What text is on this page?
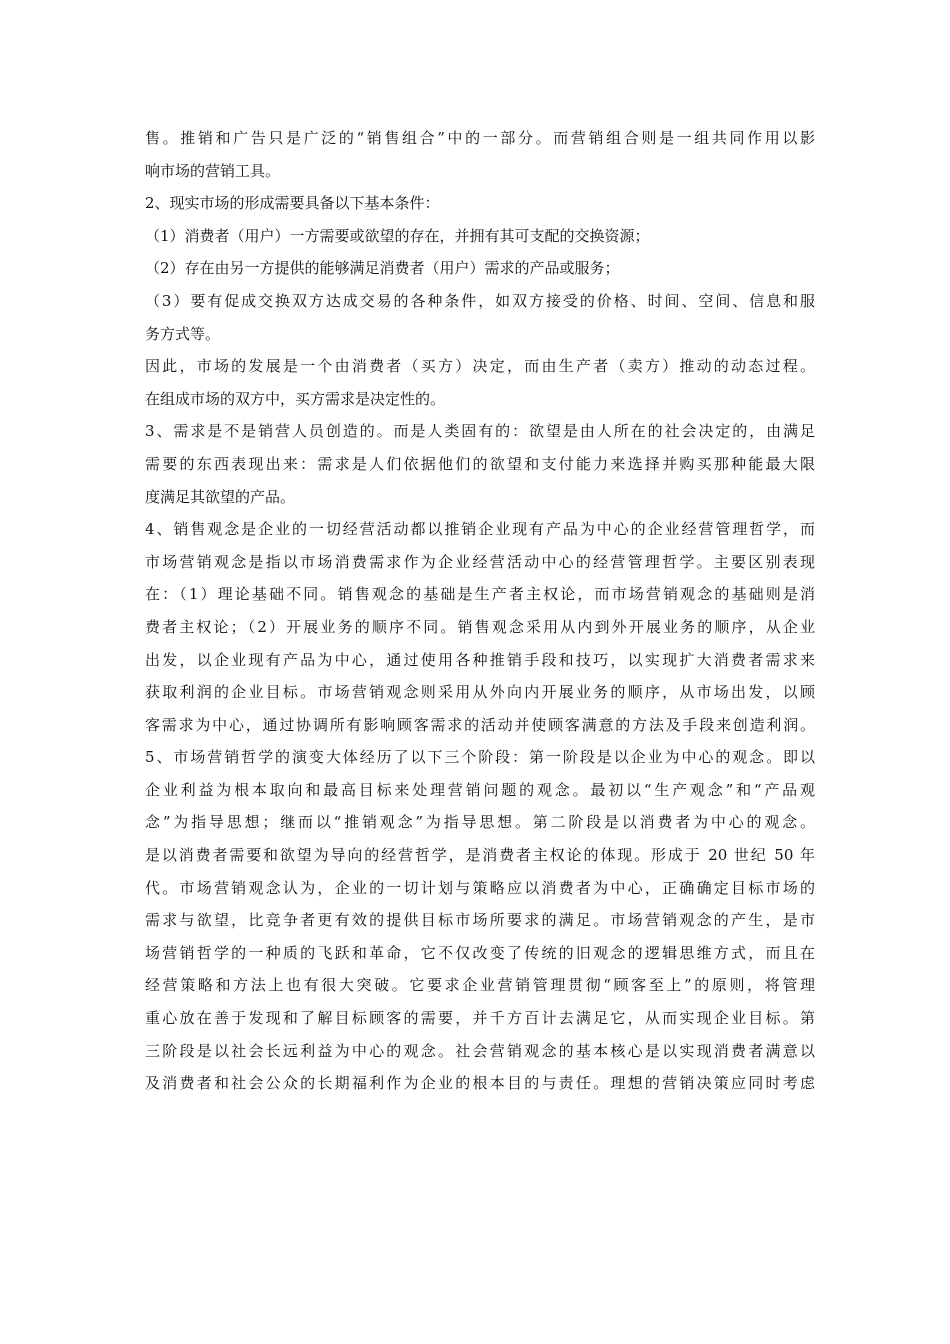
售。推销和广告只是广泛的“销售组合”中的一部分。而营销组合则是一组共同作用以影
响市场的营销工具。
2、现实市场的形成需要具备以下基本条件：
（1）消费者（用户）一方需要或欲望的存在，并拥有其可支配的交换资源；
（2）存在由另一方提供的能够满足消费者（用户）需求的产品或服务；
（3）要有促成交换双方达成交易的各种条件，如双方接受的价格、时间、空间、信息和服
务方式等。
因此，市场的发展是一个由消费者（买方）决定，而由生产者（卖方）推动的动态过程。
在组成市场的双方中，买方需求是决定性的。
3、需求是不是销营人员创造的。而是人类固有的：欲望是由人所在的社会决定的，由满足
需要的东西表现出来：需求是人们依据他们的欲望和支付能力来选择并购买那种能最大限
度满足其欲望的产品。
4、销售观念是企业的一切经营活动都以推销企业现有产品为中心的企业经营管理哲学，而
市场营销观念是指以市场消费需求作为企业经营活动中心的经营管理哲学。主要区别表现
在：（1）理论基础不同。销售观念的基础是生产者主权论，而市场营销观念的基础则是消
费者主权论；（2）开展业务的顺序不同。销售观念采用从内到外开展业务的顺序，从企业
出发，以企业现有产品为中心，通过使用各种推销手段和技巧，以实现扩大消费者需求来
获取利润的企业目标。市场营销观念则采用从外向内开展业务的顺序，从市场出发，以顾
客需求为中心，通过协调所有影响顾客需求的活动并使顾客满意的方法及手段来创造利润。
5、市场营销哲学的演变大体经历了以下三个阶段：第一阶段是以企业为中心的观念。即以
企业利益为根本取向和最高目标来处理营销问题的观念。最初以“生产观念”和“产品观
念”为指导思想；继而以“推销观念”为指导思想。第二阶段是以消费者为中心的观念。
是以消费者需要和欲望为导向的经营哲学，是消费者主权论的体现。形成于 20 世纪 50 年
代。市场营销观念认为，企业的一切计划与策略应以消费者为中心，正确确定目标市场的
需求与欲望，比竞争者更有效的提供目标市场所要求的满足。市场营销观念的产生，是市
场营销哲学的一种质的飞跃和革命，它不仅改变了传统的旧观念的逻辑思维方式，而且在
经营策略和方法上也有很大突破。它要求企业营销管理贯彻“顾客至上”的原则，将管理
重心放在善于发现和了解目标顾客的需要，并千方百计去满足它，从而实现企业目标。第
三阶段是以社会长远利益为中心的观念。社会营销观念的基本核心是以实现消费者满意以
及消费者和社会公众的长期福利作为企业的根本目的与责任。理想的营销决策应同时考虑
